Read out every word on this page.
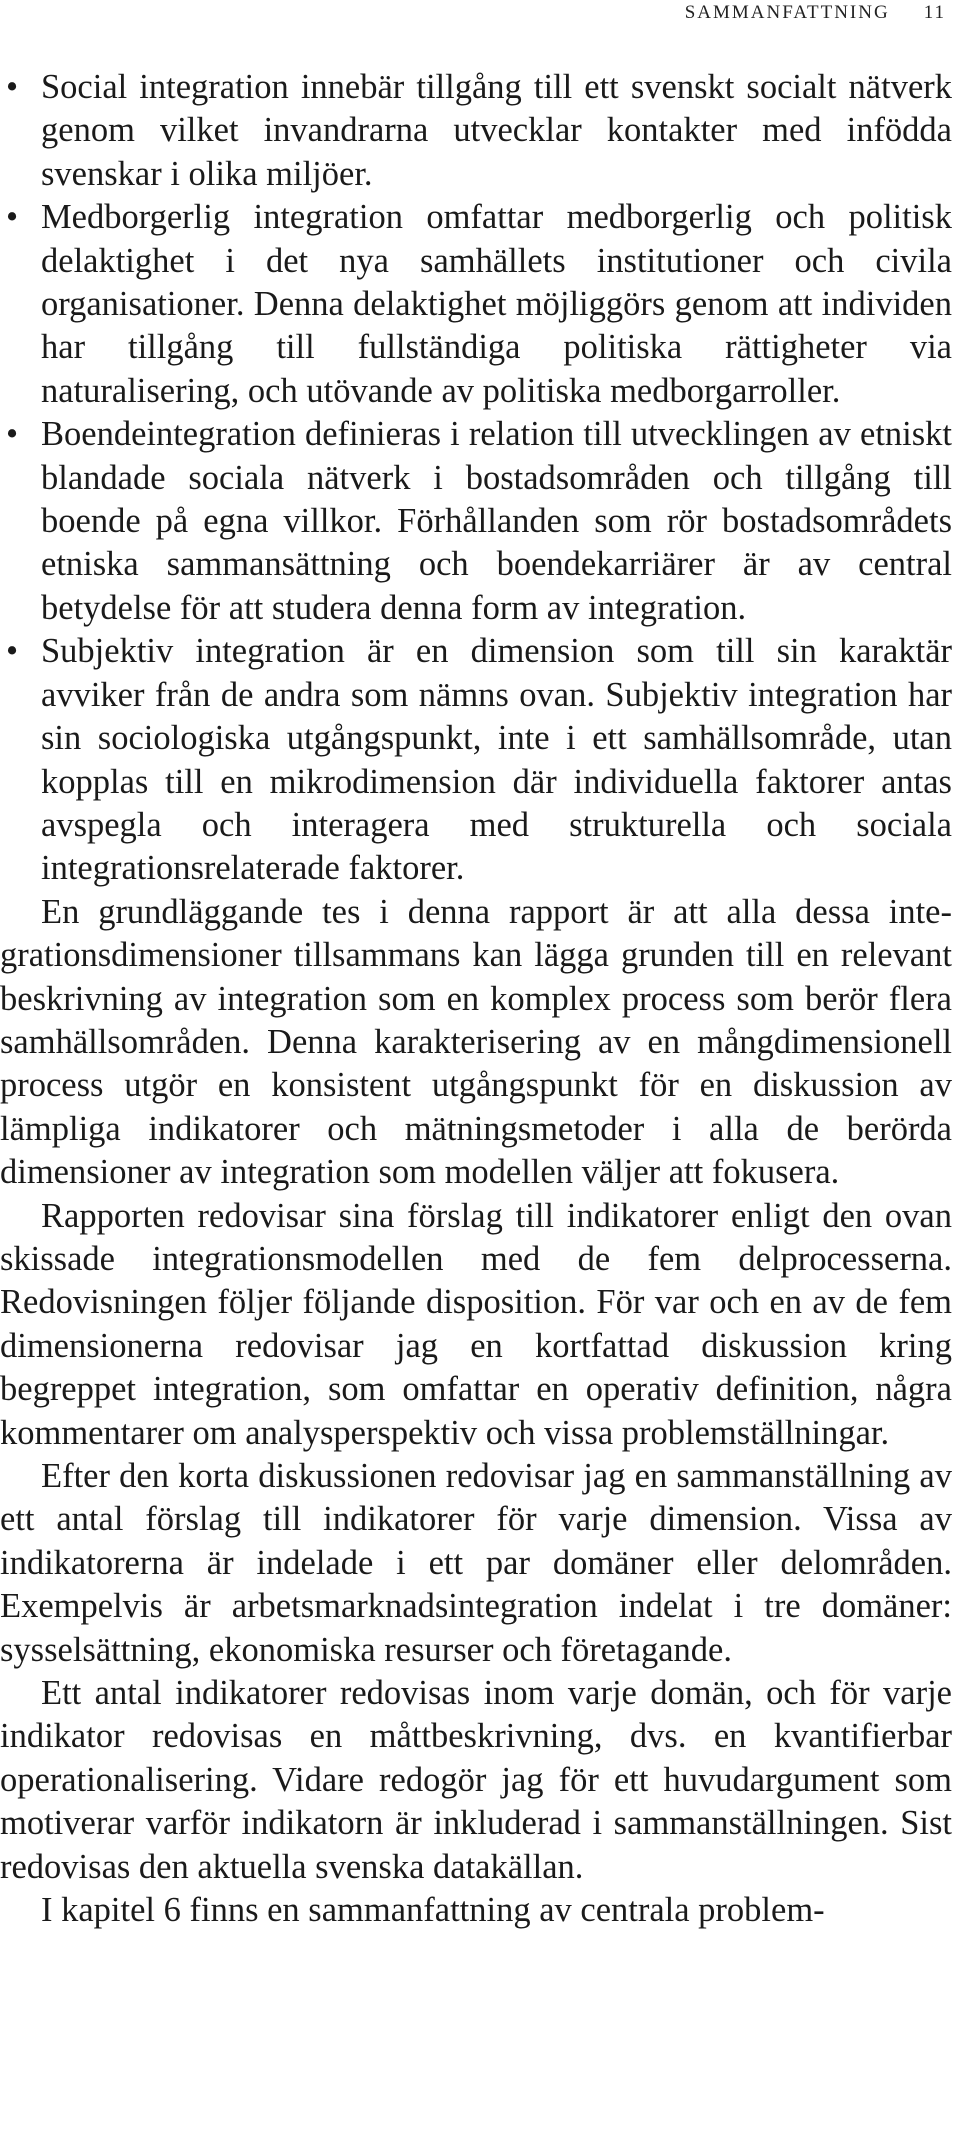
SAMMANFATTNING 11
• Social integration innebär tillgång till ett svenskt socialt nätverk genom vilket invandrarna utvecklar kontakter med infödda svenskar i olika miljöer.
• Medborgerlig integration omfattar medborgerlig och politisk delaktighet i det nya samhällets institutioner och civila organisationer. Denna delaktighet möjliggörs genom att individen har tillgång till fullständiga politiska rättigheter via naturalisering, och utövande av politiska medborgarroller.
• Boendeintegration definieras i relation till utvecklingen av etniskt blandade sociala nätverk i bostadsområden och tillgång till boende på egna villkor. Förhållanden som rör bostadsområdets etniska sammansättning och boendekarriärer är av central betydelse för att studera denna form av integration.
• Subjektiv integration är en dimension som till sin karaktär avviker från de andra som nämns ovan. Subjektiv integration har sin sociologiska utgångspunkt, inte i ett samhällsområde, utan kopplas till en mikrodimension där individuella faktorer antas avspegla och interagera med strukturella och sociala integrationsrelaterade faktorer.

En grundläggande tes i denna rapport är att alla dessa integrationsdimensioner tillsammans kan lägga grunden till en relevant beskrivning av integration som en komplex process som berör flera samhällsområden. Denna karakterisering av en mångdimensionell process utgör en konsistent utgångspunkt för en diskussion av lämpliga indikatorer och mätningsmetoder i alla de berörda dimensioner av integration som modellen väljer att fokusera.

Rapporten redovisar sina förslag till indikatorer enligt den ovan skissade integrationsmodellen med de fem delprocesserna. Redovisningen följer följande disposition. För var och en av de fem dimensionerna redovisar jag en kortfattad diskussion kring begreppet integration, som omfattar en operativ definition, några kommentarer om analysperspektiv och vissa problemställningar.

Efter den korta diskussionen redovisar jag en sammanställning av ett antal förslag till indikatorer för varje dimension. Vissa av indikatorerna är indelade i ett par domäner eller delområden. Exempelvis är arbetsmarknadsintegration indelat i tre domäner: sysselsättning, ekonomiska resurser och företagande.

Ett antal indikatorer redovisas inom varje domän, och för varje indikator redovisas en måttbeskrivning, dvs. en kvantifierbar operationalisering. Vidare redogör jag för ett huvudargument som motiverar varför indikatorn är inkluderad i sammanställningen. Sist redovisas den aktuella svenska datakällan.

I kapitel 6 finns en sammanfattning av centrala problem-
